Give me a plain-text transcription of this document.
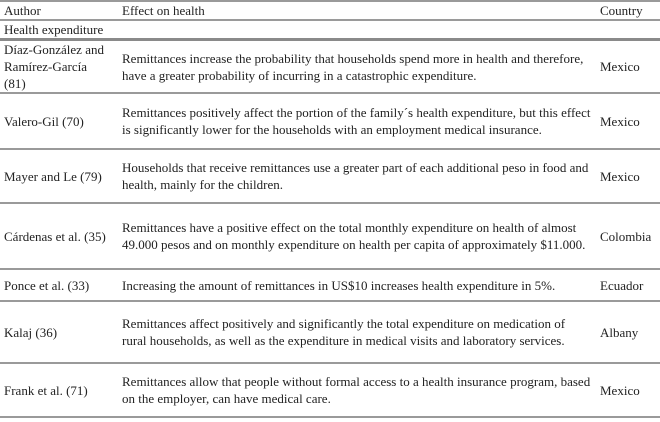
Author	Effect on health	Country
Health expenditure		
Díaz-González and Ramírez-García (81)	Remittances increase the probability that households spend more in health and therefore, have a greater probability of incurring in a catastrophic expenditure.	Mexico
Valero-Gil (70)	Remittances positively affect the portion of the family´s health expenditure, but this effect is significantly lower for the households with an employment medical insurance.	Mexico
Mayer and Le (79)	Households that receive remittances use a greater part of each additional peso in food and health, mainly for the children.	Mexico
Cárdenas et al. (35)	Remittances have a positive effect on the total monthly expenditure on health of almost 49.000 pesos and on monthly expenditure on health per capita of approximately $11.000.	Colombia
Ponce et al. (33)	Increasing the amount of remittances in US$10 increases health expenditure in 5%.	Ecuador
Kalaj (36)	Remittances affect positively and significantly the total expenditure on medication of rural households, as well as the expenditure in medical visits and laboratory services.	Albany
Frank et al. (71)	Remittances allow that people without formal access to a health insurance program, based on the employer, can have medical care.	Mexico
